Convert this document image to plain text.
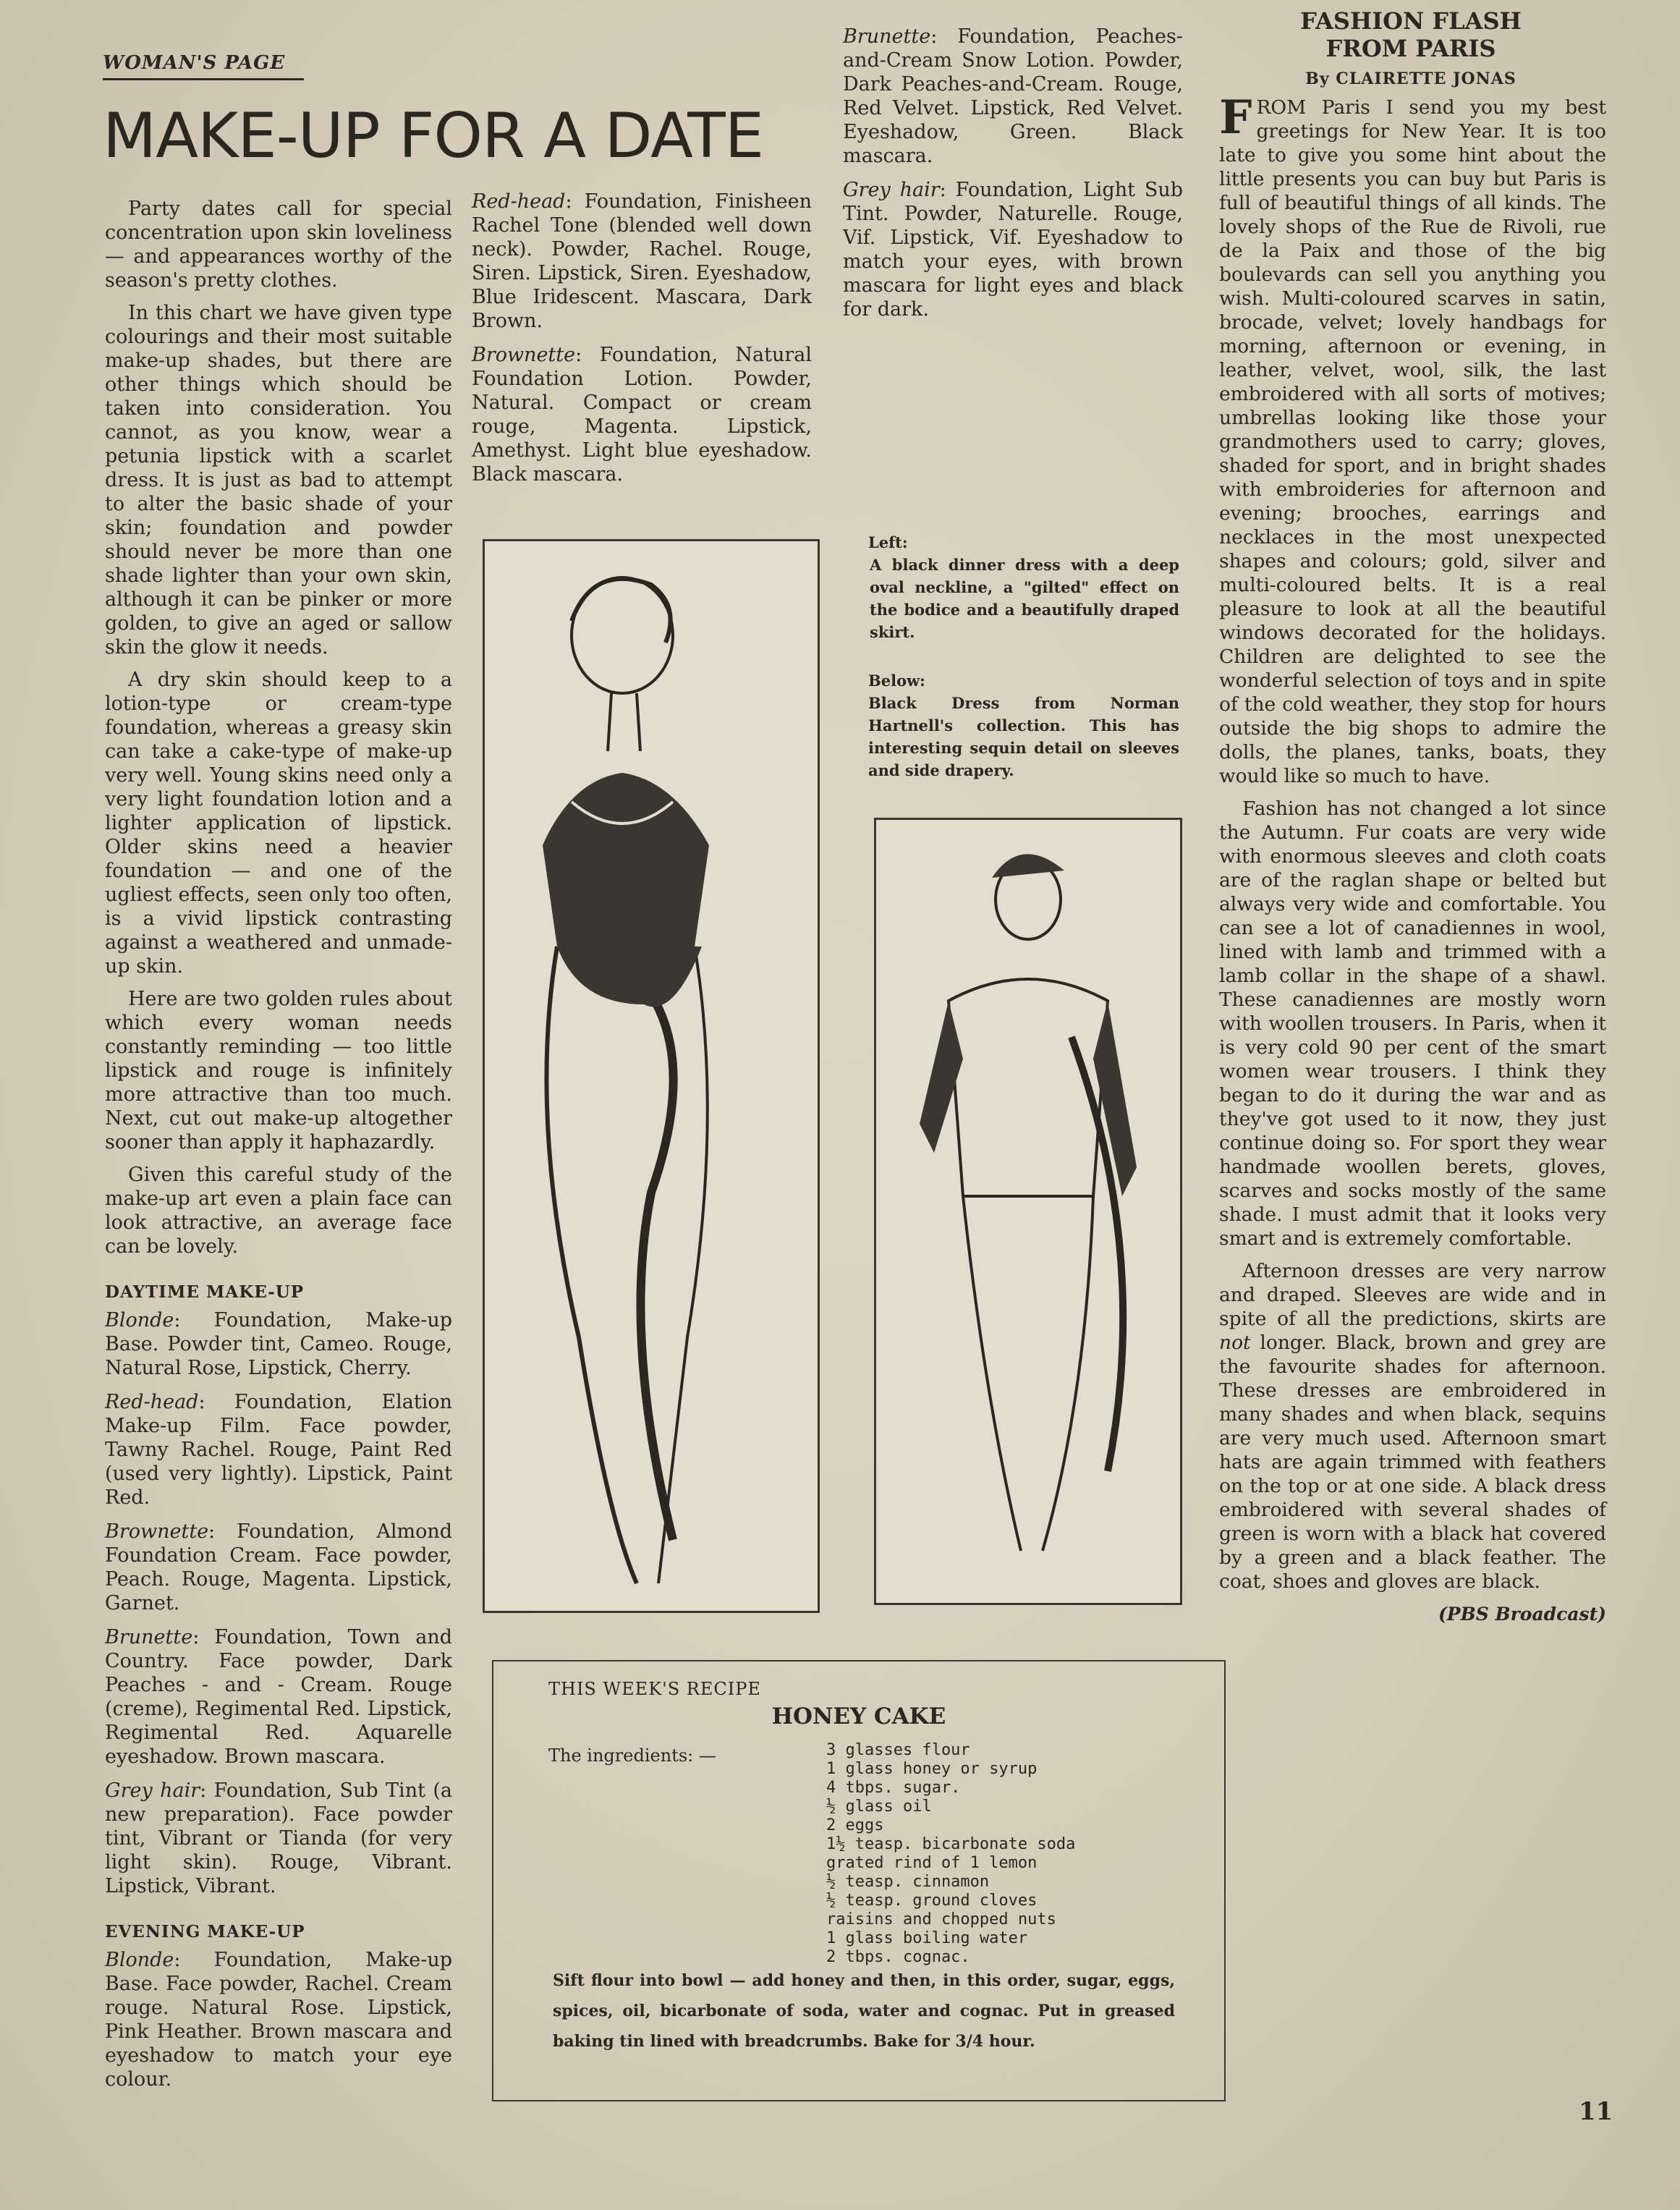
WOMAN'S PAGE
MAKE-UP FOR A DATE

Party dates call for special concentration upon skin loveliness — and appearances worthy of the season's pretty clothes.

In this chart we have given type colourings and their most suitable make-up shades, but there are other things which should be taken into consideration. You cannot, as you know, wear a petunia lipstick with a scarlet dress. It is just as bad to attempt to alter the basic shade of your skin; foundation and powder should never be more than one shade lighter than your own skin, although it can be pinker or more golden, to give an aged or sallow skin the glow it needs.

A dry skin should keep to a lotion-type or cream-type foundation, whereas a greasy skin can take a cake-type of make-up very well. Young skins need only a very light foundation lotion and a lighter application of lipstick. Older skins need a heavier foundation — and one of the ugliest effects, seen only too often, is a vivid lipstick contrasting against a weathered and unmade-up skin.

Here are two golden rules about which every woman needs constantly reminding — too little lipstick and rouge is infinitely more attractive than too much. Next, cut out make-up altogether sooner than apply it haphazardly.

Given this careful study of the make-up art even a plain face can look attractive, an average face can be lovely.

DAYTIME MAKE-UP
Blonde: Foundation, Make-up Base. Powder tint, Cameo. Rouge, Natural Rose, Lipstick, Cherry.
Red-head: Foundation, Elation Make-up Film. Face powder, Tawny Rachel. Rouge, Paint Red (used very lightly). Lipstick, Paint Red.
Brownette: Foundation, Almond Foundation Cream. Face powder, Peach. Rouge, Magenta. Lipstick, Garnet.
Brunette: Foundation, Town and Country. Face powder, Dark Peaches - and - Cream. Rouge (creme), Regimental Red. Lipstick, Regimental Red. Aquarelle eyeshadow. Brown mascara.
Grey hair: Foundation, Sub Tint (a new preparation). Face powder tint, Vibrant or Tianda (for very light skin). Rouge, Vibrant. Lipstick, Vibrant.
EVENING MAKE-UP
Blonde: Foundation, Make-up Base. Face powder, Rachel. Cream rouge. Natural Rose. Lipstick, Pink Heather. Brown mascara and eyeshadow to match your eye colour.
Red-head: Foundation, Finisheen Rachel Tone (blended well down neck). Powder, Rachel. Rouge, Siren. Lipstick, Siren. Eyeshadow, Blue Iridescent. Mascara, Dark Brown.
Brownette: Foundation, Natural Foundation Lotion. Powder, Natural. Compact or cream rouge, Magenta. Lipstick, Amethyst. Light blue eyeshadow. Black mascara.
Brunette: Foundation, Peaches-and-Cream Snow Lotion. Powder, Dark Peaches-and-Cream. Rouge, Red Velvet. Lipstick, Red Velvet. Eyeshadow, Green. Black mascara.
Grey hair: Foundation, Light Sub Tint. Powder, Naturelle. Rouge, Vif. Lipstick, Vif. Eyeshadow to match your eyes, with brown mascara for light eyes and black for dark.
Left:
A black dinner dress with a deep oval neckline, a "gilted" effect on the bodice and a beautifully draped skirt.
Below:
Black Dress from Norman Hartnell's collection. This has interesting sequin detail on sleeves and side drapery.
THIS WEEK'S RECIPE
HONEY CAKE
The ingredients: —	3 glasses flour
1 glass honey or syrup
4 tbps. sugar.
½ glass oil
2 eggs
1½ teasp. bicarbonate soda
grated rind of 1 lemon
½ teasp. cinnamon
½ teasp. ground cloves
raisins and chopped nuts
1 glass boiling water
2 tbps. cognac.
Sift flour into bowl — add honey and then, in this order, sugar, eggs, spices, oil, bicarbonate of soda, water and cognac. Put in greased baking tin lined with breadcrumbs. Bake for 3/4 hour.
FASHION FLASH
FROM PARIS
By CLAIRETTE JONAS

FROM Paris I send you my best greetings for New Year. It is too late to give you some hint about the little presents you can buy but Paris is full of beautiful things of all kinds. The lovely shops of the Rue de Rivoli, rue de la Paix and those of the big boulevards can sell you anything you wish. Multi-coloured scarves in satin, brocade, velvet; lovely handbags for morning, afternoon or evening, in leather, velvet, wool, silk, the last embroidered with all sorts of motives; umbrellas looking like those your grandmothers used to carry; gloves, shaded for sport, and in bright shades with embroideries for afternoon and evening; brooches, earrings and necklaces in the most unexpected shapes and colours; gold, silver and multi-coloured belts. It is a real pleasure to look at all the beautiful windows decorated for the holidays. Children are delighted to see the wonderful selection of toys and in spite of the cold weather, they stop for hours outside the big shops to admire the dolls, the planes, tanks, boats, they would like so much to have.

Fashion has not changed a lot since the Autumn. Fur coats are very wide with enormous sleeves and cloth coats are of the raglan shape or belted but always very wide and comfortable. You can see a lot of canadiennes in wool, lined with lamb and trimmed with a lamb collar in the shape of a shawl. These canadiennes are mostly worn with woollen trousers. In Paris, when it is very cold 90 per cent of the smart women wear trousers. I think they began to do it during the war and as they've got used to it now, they just continue doing so. For sport they wear handmade woollen berets, gloves, scarves and socks mostly of the same shade. I must admit that it looks very smart and is extremely comfortable.

Afternoon dresses are very narrow and draped. Sleeves are wide and in spite of all the predictions, skirts are not longer. Black, brown and grey are the favourite shades for afternoon. These dresses are embroidered in many shades and when black, sequins are very much used. Afternoon smart hats are again trimmed with feathers on the top or at one side. A black dress embroidered with several shades of green is worn with a black hat covered by a green and a black feather. The coat, shoes and gloves are black.

(PBS Broadcast)
11
